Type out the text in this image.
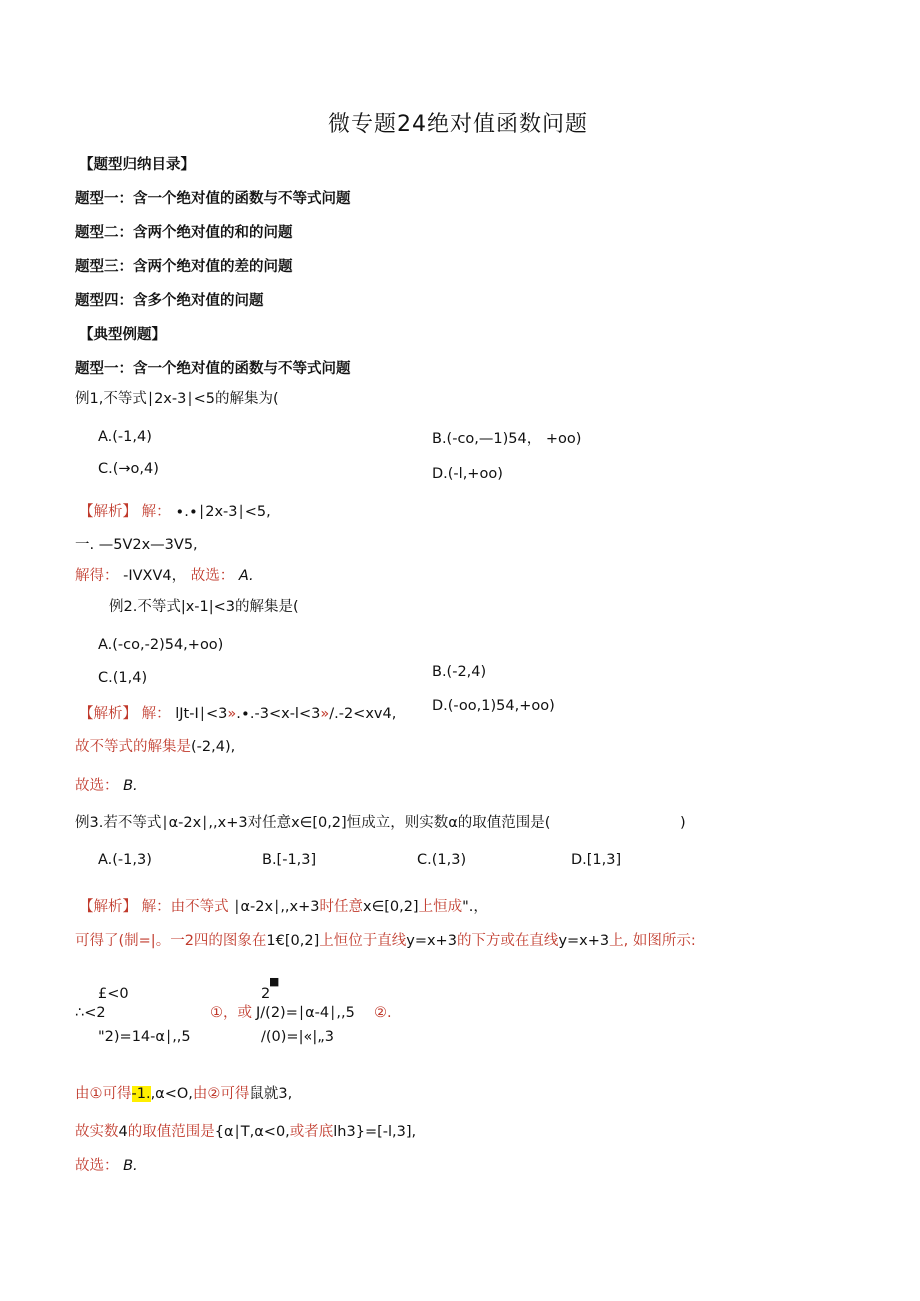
微专题24绝对值函数问题
【题型归纳目录】
题型一：含一个绝对值的函数与不等式问题
题型二：含两个绝对值的和的问题
题型三：含两个绝对值的差的问题
题型四：含多个绝对值的问题
【典型例题】
题型一：含一个绝对值的函数与不等式问题
例1,不等式∣2x-3∣<5的解集为(
A.(-1,4)	B.(-co,—1)54， +oo)
C.(→o,4)	D.(-l,+oo)
【解析】 解： ∙.∙∣2x-3∣<5,
一. —5V2x—3V5,
解得： -IVXV4， 故选： A.
例2.不等式|x-1|<3的解集是(
A.(-co,-2)54,+oo)
B.(-2,4)
C.(1,4)
D.(-oo,1)54,+oo)
【解析】 解： lJt-I∣<3».∙.-3<x-l<3»/.-2<xv4,
故不等式的解集是(-2,4),
故选： B.
例3.若不等式∣α-2x∣,,x+3对任意x∈[0,2]恒成立，则实数α的取值范围是(	)
A.(-1,3)	B.[-1,3]	C.(1,3)	D.[1,3]
【解析】 解：由不等式 ∣α-2x∣,,x+3时任意x∈[0,2]上恒成".，
可得了(制=|。一2四的图象在1€[0,2]上恒位于直线y=x+3的下方或在直线y=x+3上, 如图所示:
£<0	2
■
∴<2	①，或 J/(2)=∣α-4∣,,5 ②.
"2)=14-α∣,,5	/(0)=|«|„3
由①可得-1.,α<O,由②可得鼠就3,
故实数4的取值范围是{α∣T,α<0,或者底lh3}=[-l,3],
故选： B.
